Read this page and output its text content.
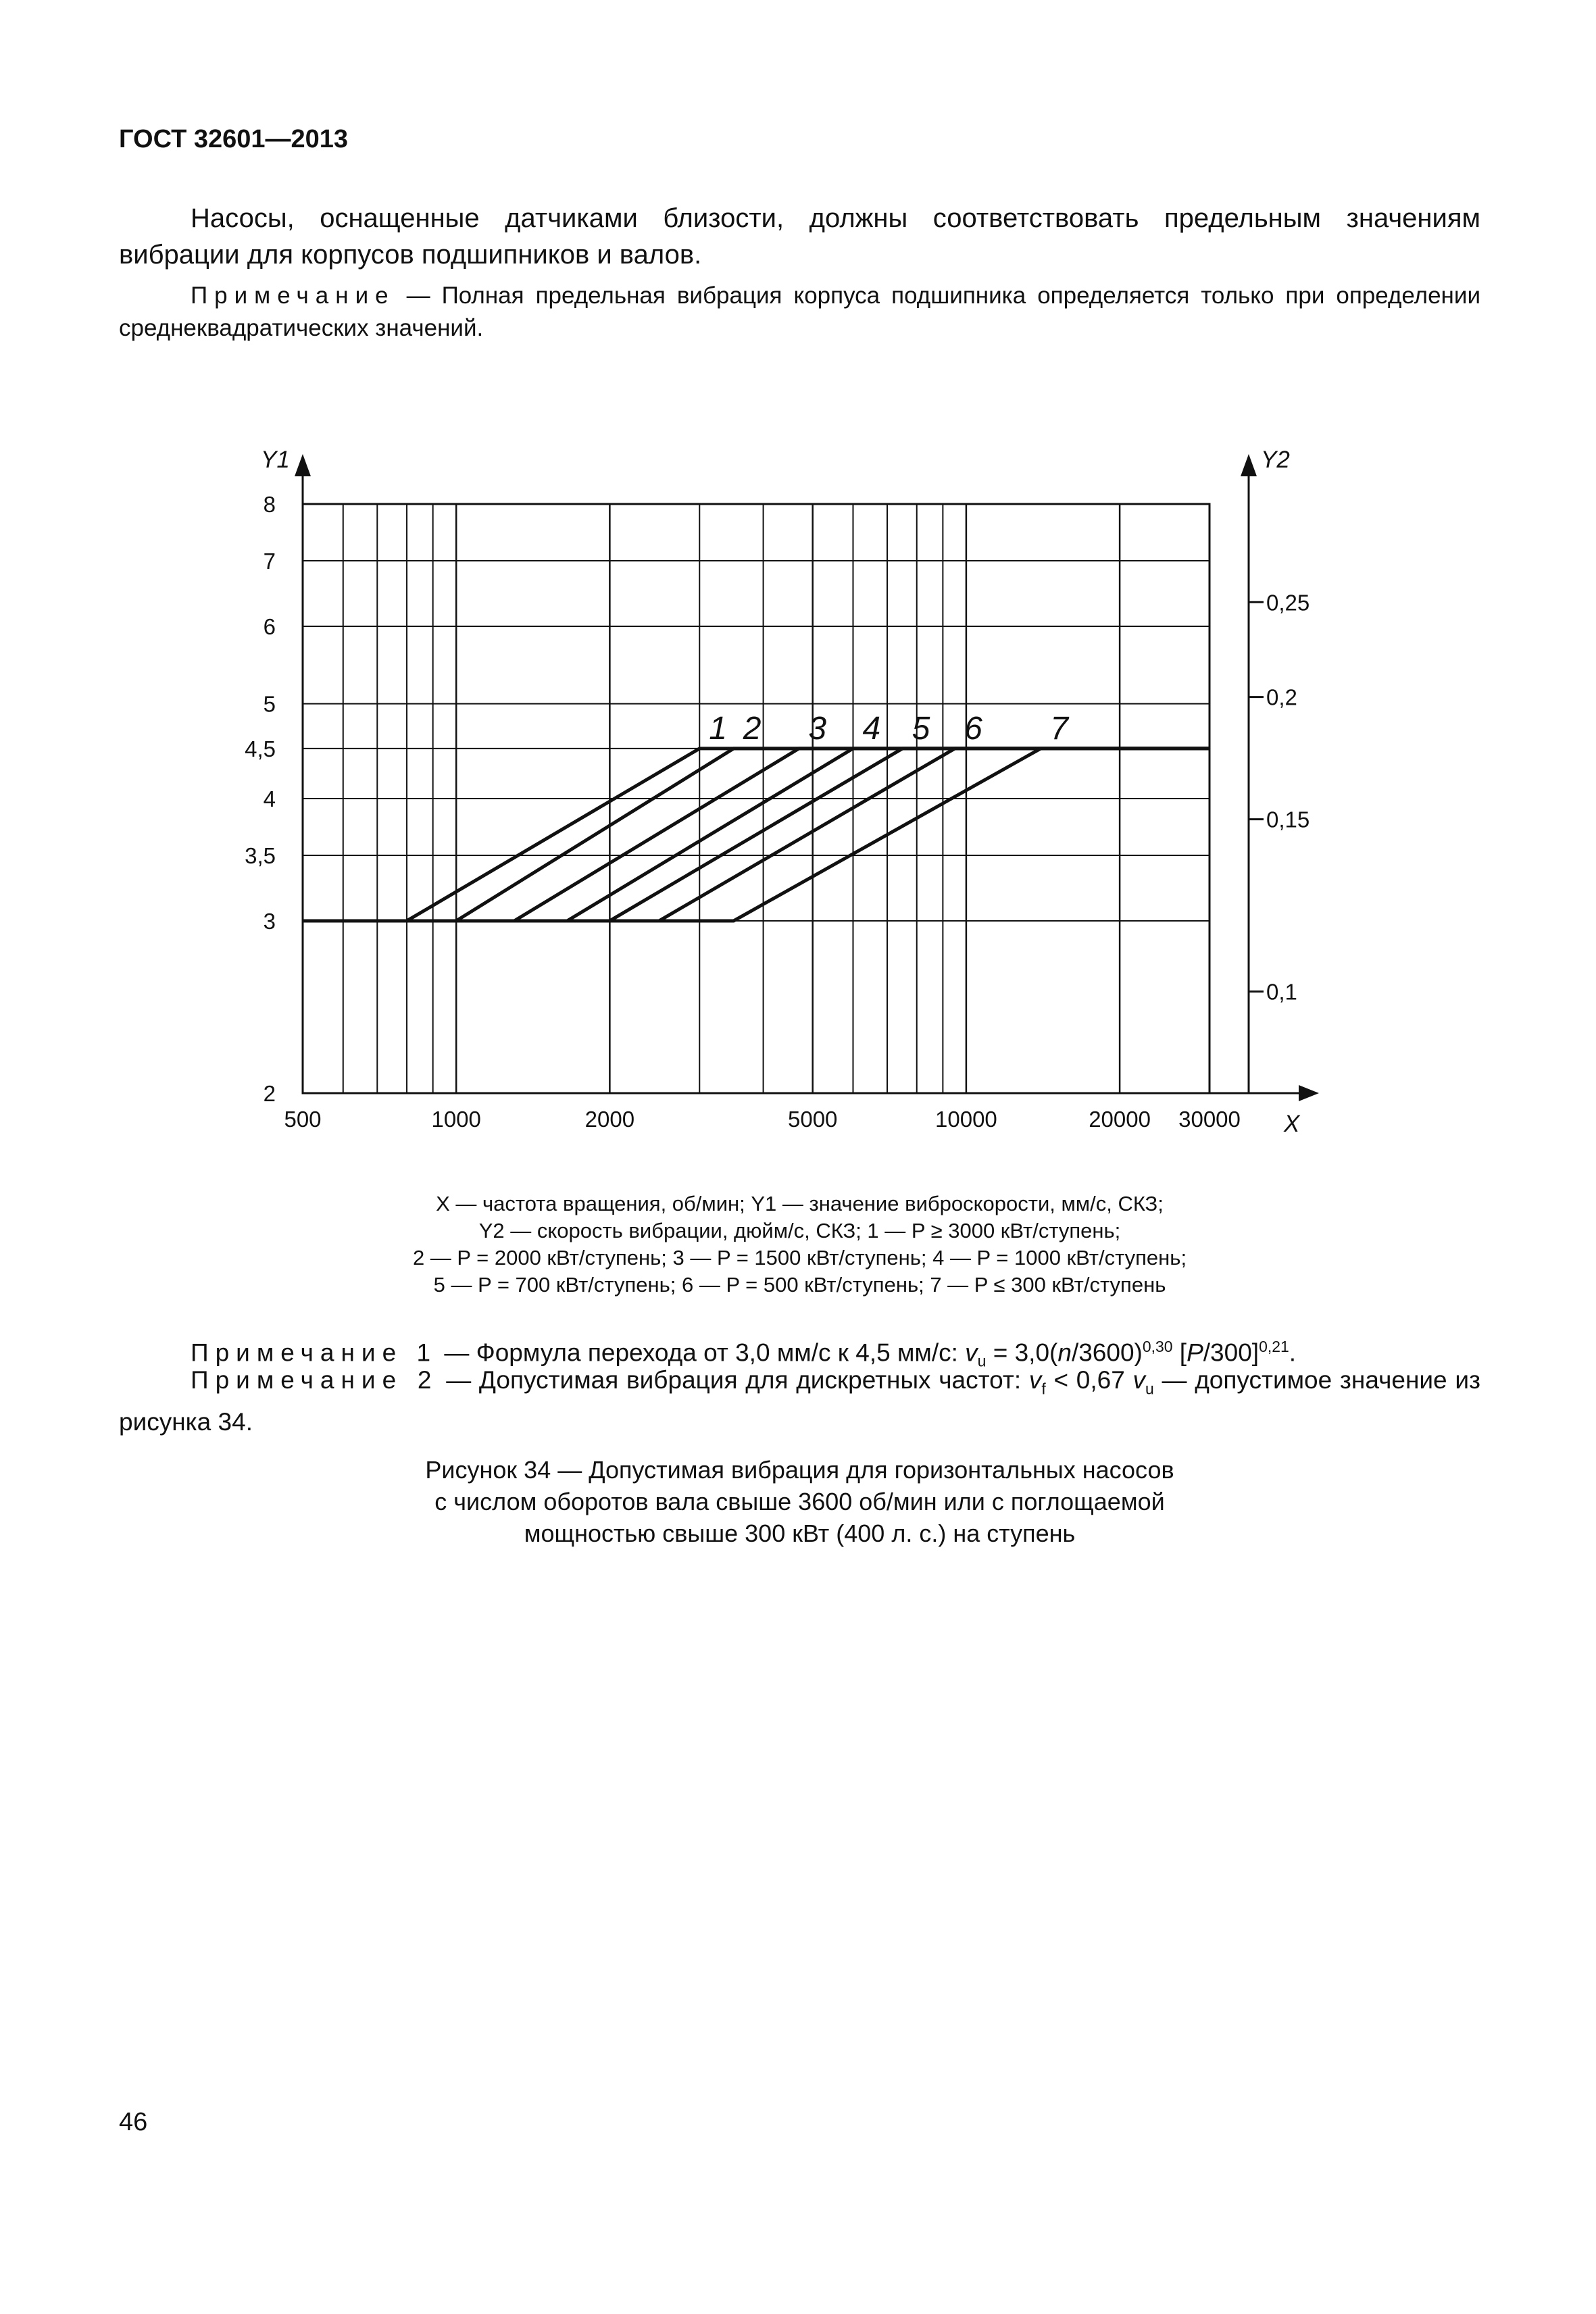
ГОСТ 32601—2013
Насосы, оснащенные датчиками близости, должны соответствовать предельным значениям вибрации для корпусов подшипников и валов.
Примечание — Полная предельная вибрация корпуса подшипника определяется только при определении среднеквадратических значений.
1 2 3 4 5 6 7
500	1000	2000	5000	10000	20000 30000
2
3
3,5
4
4,5
5
6
7
8
0,1
0,15
0,2
0,25
X
Y1	Y2
X — частота вращения, об/мин; Y1 — значение виброскорости, мм/с, СКЗ;
Y2 — скорость вибрации, дюйм/с, СКЗ; 1 — P ≥ 3000 кВт/ступень;
2 — P = 2000 кВт/ступень; 3 — P = 1500 кВт/ступень; 4 — P = 1000 кВт/ступень;
5 — P = 700 кВт/ступень; 6 — P = 500 кВт/ступень; 7 — P ≤ 300 кВт/ступень
Примечание 1 — Формула перехода от 3,0 мм/с к 4,5 мм/с: $v_u = 3,0(n/3600)^{0,30}$ $[P/300]^{0,21}$.
Примечание 2 — Допустимая вибрация для дискретных частот: $v_f < 0,67$ $v_u$ — допустимое значение из рисунка 34.
Рисунок 34 — Допустимая вибрация для горизонтальных насосов
с числом оборотов вала свыше 3600 об/мин или с поглощаемой
мощностью свыше 300 кВт (400 л. с.) на ступень
46
